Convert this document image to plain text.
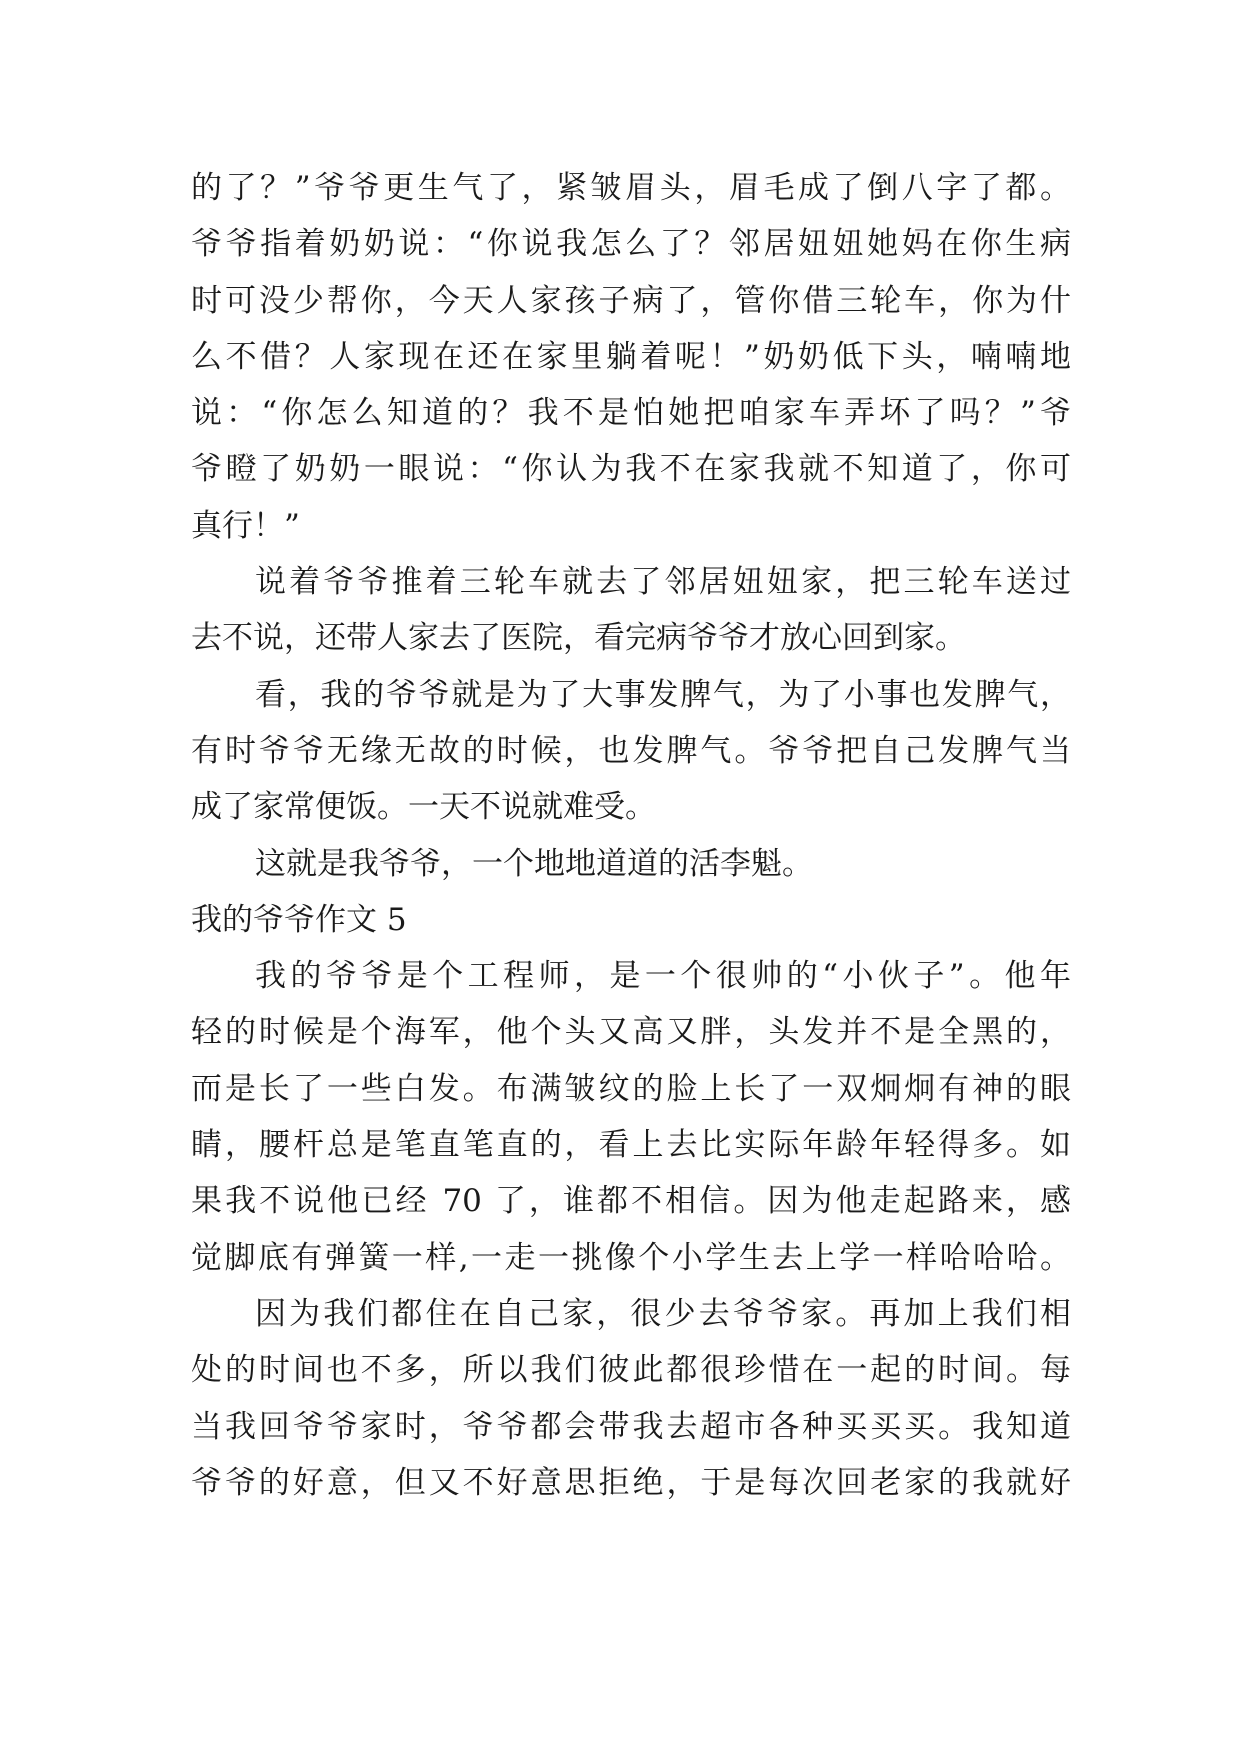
的了？”爷爷更生气了，紧皱眉头，眉毛成了倒八字了都。
爷爷指着奶奶说：“你说我怎么了？邻居妞妞她妈在你生病
时可没少帮你，今天人家孩子病了，管你借三轮车，你为什
么不借？人家现在还在家里躺着呢！”奶奶低下头，喃喃地
说：“你怎么知道的？我不是怕她把咱家车弄坏了吗？”爷
爷瞪了奶奶一眼说：“你认为我不在家我就不知道了，你可
真行！”
说着爷爷推着三轮车就去了邻居妞妞家，把三轮车送过
去不说，还带人家去了医院，看完病爷爷才放心回到家。
看，我的爷爷就是为了大事发脾气，为了小事也发脾气，
有时爷爷无缘无故的时候，也发脾气。爷爷把自己发脾气当
成了家常便饭。一天不说就难受。
这就是我爷爷，一个地地道道的活李魁。
我的爷爷作文 5
我的爷爷是个工程师，是一个很帅的“小伙子”。他年
轻的时候是个海军，他个头又高又胖，头发并不是全黑的，
而是长了一些白发。布满皱纹的脸上长了一双炯炯有神的眼
睛，腰杆总是笔直笔直的，看上去比实际年龄年轻得多。如
果我不说他已经 70 了，谁都不相信。因为他走起路来，感
觉脚底有弹簧一样,一走一挑像个小学生去上学一样哈哈哈。
因为我们都住在自己家，很少去爷爷家。再加上我们相
处的时间也不多，所以我们彼此都很珍惜在一起的时间。每
当我回爷爷家时，爷爷都会带我去超市各种买买买。我知道
爷爷的好意，但又不好意思拒绝，于是每次回老家的我就好
